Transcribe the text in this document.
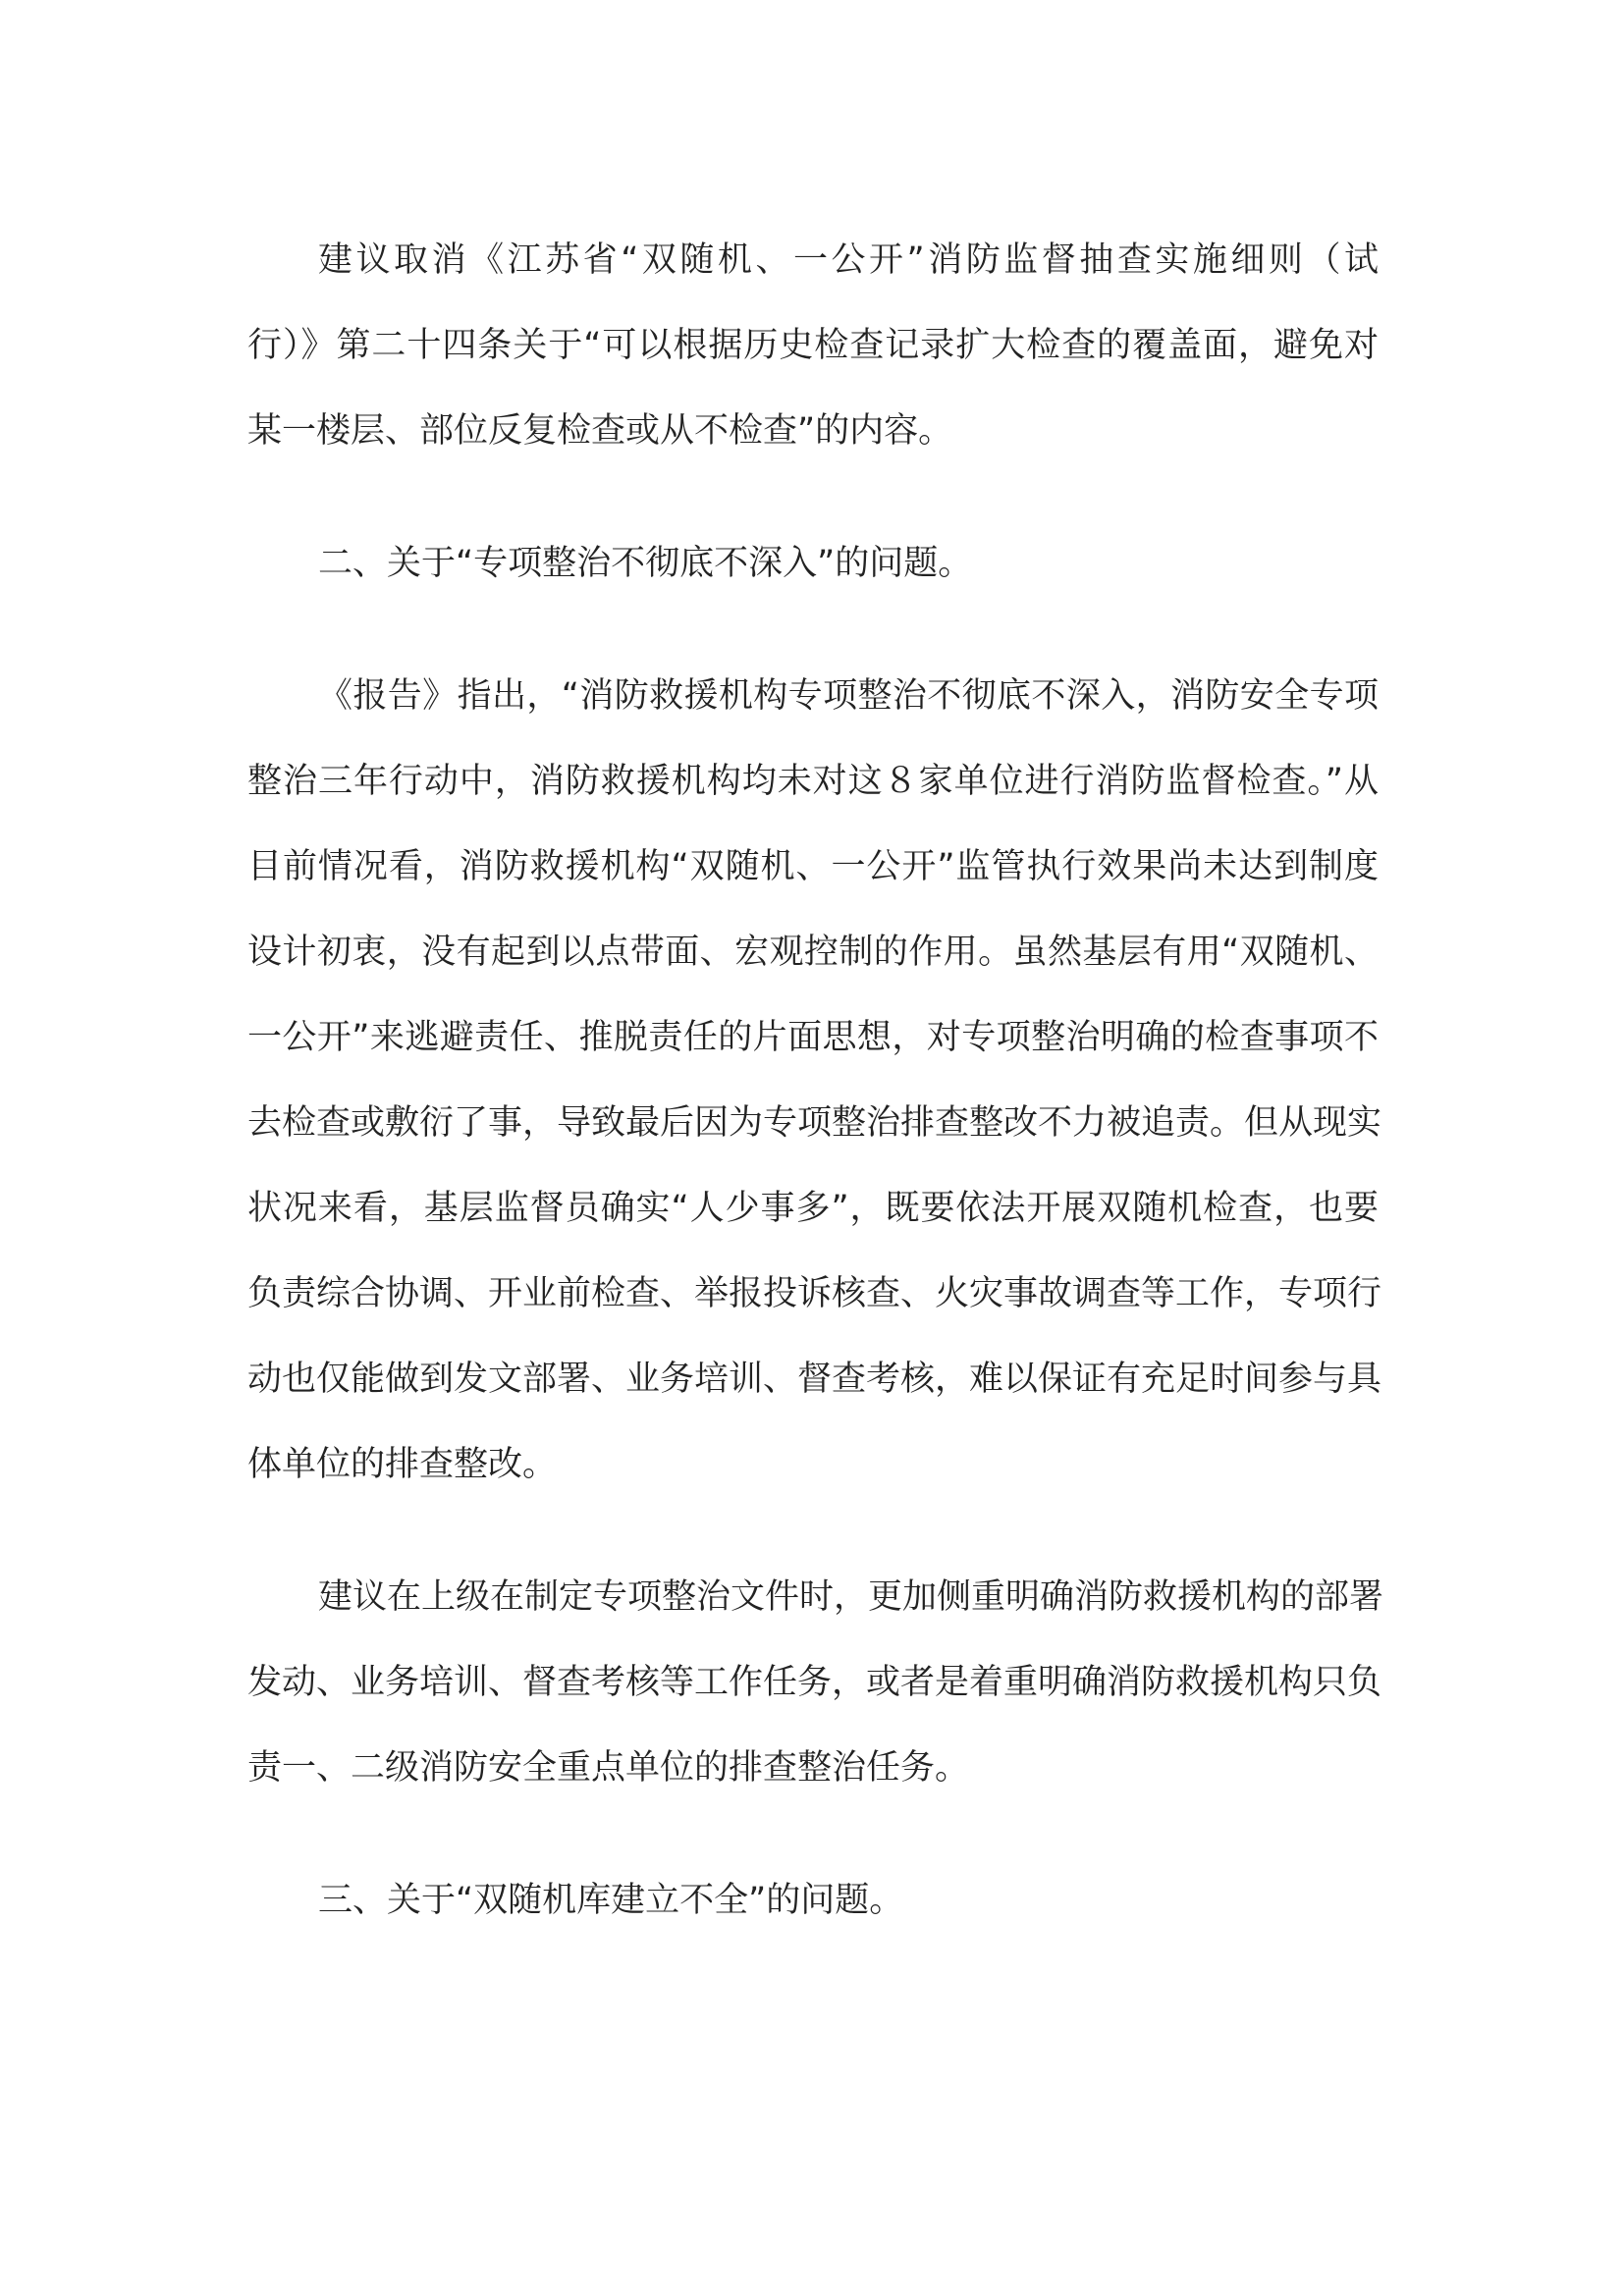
建议取消《江苏省“双随机、一公开”消防监督抽查实施细则（试
行）》第二十四条关于“可以根据历史检查记录扩大检查的覆盖面，避免对
某一楼层、部位反复检查或从不检查”的内容。
二、关于“专项整治不彻底不深入”的问题。
《报告》指出，“消防救援机构专项整治不彻底不深入，消防安全专项
整治三年行动中，消防救援机构均未对这８家单位进行消防监督检查。”从
目前情况看，消防救援机构“双随机、一公开”监管执行效果尚未达到制度
设计初衷，没有起到以点带面、宏观控制的作用。虽然基层有用“双随机、
一公开”来逃避责任、推脱责任的片面思想，对专项整治明确的检查事项不
去检查或敷衍了事，导致最后因为专项整治排查整改不力被追责。但从现实
状况来看，基层监督员确实“人少事多”，既要依法开展双随机检查，也要
负责综合协调、开业前检查、举报投诉核查、火灾事故调查等工作，专项行
动也仅能做到发文部署、业务培训、督查考核，难以保证有充足时间参与具
体单位的排查整改。
建议在上级在制定专项整治文件时，更加侧重明确消防救援机构的部署
发动、业务培训、督查考核等工作任务，或者是着重明确消防救援机构只负
责一、二级消防安全重点单位的排查整治任务。
三、关于“双随机库建立不全”的问题。
